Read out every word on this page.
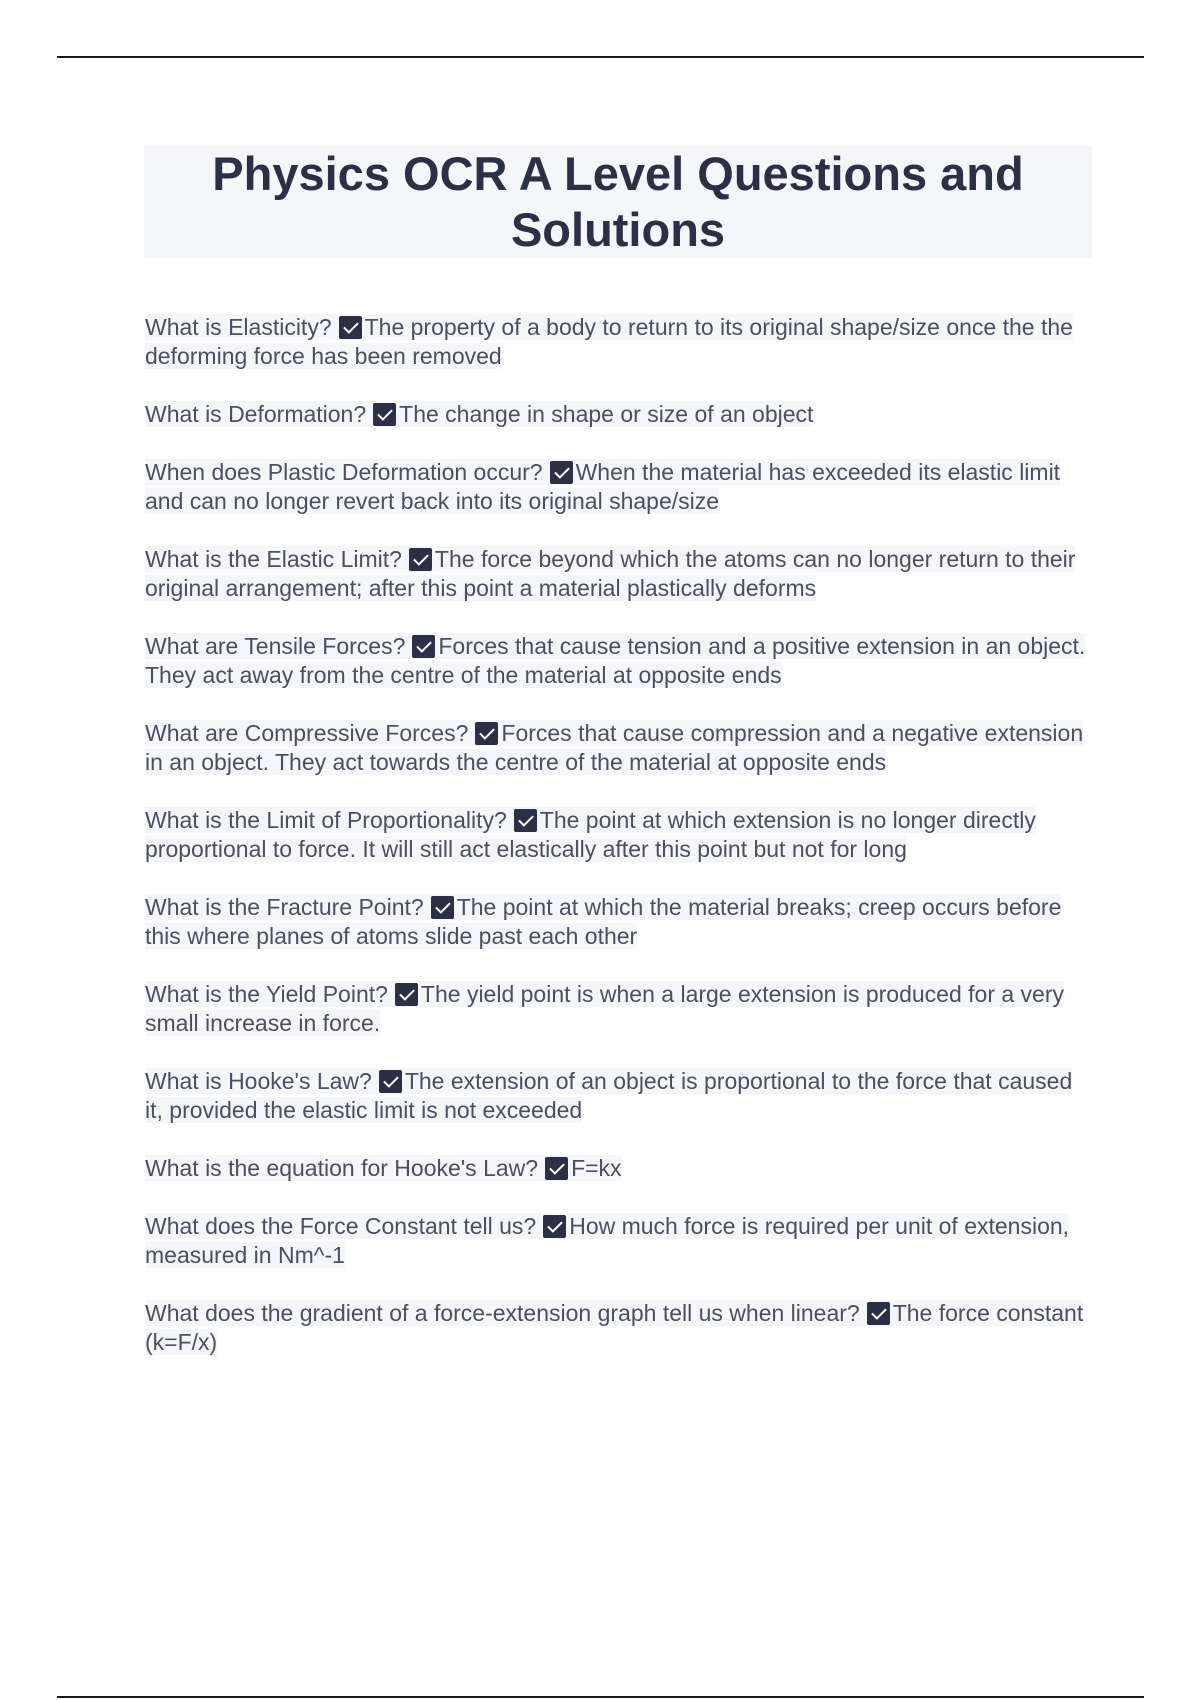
Physics OCR A Level Questions and Solutions

What is Elasticity? The property of a body to return to its original shape/size once the the deforming force has been removed

What is Deformation? The change in shape or size of an object

When does Plastic Deformation occur? When the material has exceeded its elastic limit and can no longer revert back into its original shape/size

What is the Elastic Limit? The force beyond which the atoms can no longer return to their original arrangement; after this point a material plastically deforms

What are Tensile Forces? Forces that cause tension and a positive extension in an object. They act away from the centre of the material at opposite ends

What are Compressive Forces? Forces that cause compression and a negative extension in an object. They act towards the centre of the material at opposite ends

What is the Limit of Proportionality? The point at which extension is no longer directly proportional to force. It will still act elastically after this point but not for long

What is the Fracture Point? The point at which the material breaks; creep occurs before this where planes of atoms slide past each other

What is the Yield Point? The yield point is when a large extension is produced for a very small increase in force.

What is Hooke's Law? The extension of an object is proportional to the force that caused it, provided the elastic limit is not exceeded

What is the equation for Hooke's Law? F=kx

What does the Force Constant tell us? How much force is required per unit of extension, measured in Nm^-1

What does the gradient of a force-extension graph tell us when linear? The force constant (k=F/x)
